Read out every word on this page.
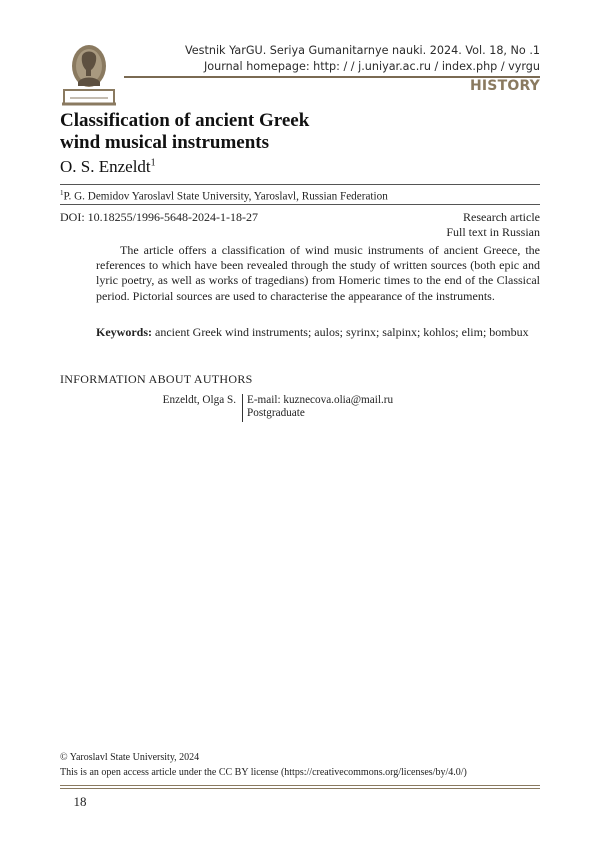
Vestnik YarGU. Seriya Gumanitarnye nauki. 2024. Vol. 18, No .1
Journal homepage: http: / / j.uniyar.ac.ru / index.php / vyrgu
HISTORY
Classification of ancient Greek
wind musical instruments
O. S. Enzeldt$^1$
$^1$P. G. Demidov Yaroslavl State University, Yaroslavl, Russian Federation
DOI: 10.18255/1996-5648-2024-1-18-27	Research article
Full text in Russian

The article offers a classification of wind music instruments of ancient Greece, the references to which have been revealed through the study of written sources (both epic and lyric poetry, as well as works of tragedians) from Homeric times to the end of the Classical period. Pictorial sources are used to characterise the appearance of the instruments.

Keywords: ancient Greek wind instruments; aulos; syrinx; salpinx; kohlos; elim; bombux

INFORMATION ABOUT AUTHORS
Enzeldt, Olga S. E-mail: kuznecova.olia@mail.ru
Postgraduate
© Yaroslavl State University, 2024
This is an open access article under the CC BY license (https://creativecommons.org/licenses/by/4.0/)
18
